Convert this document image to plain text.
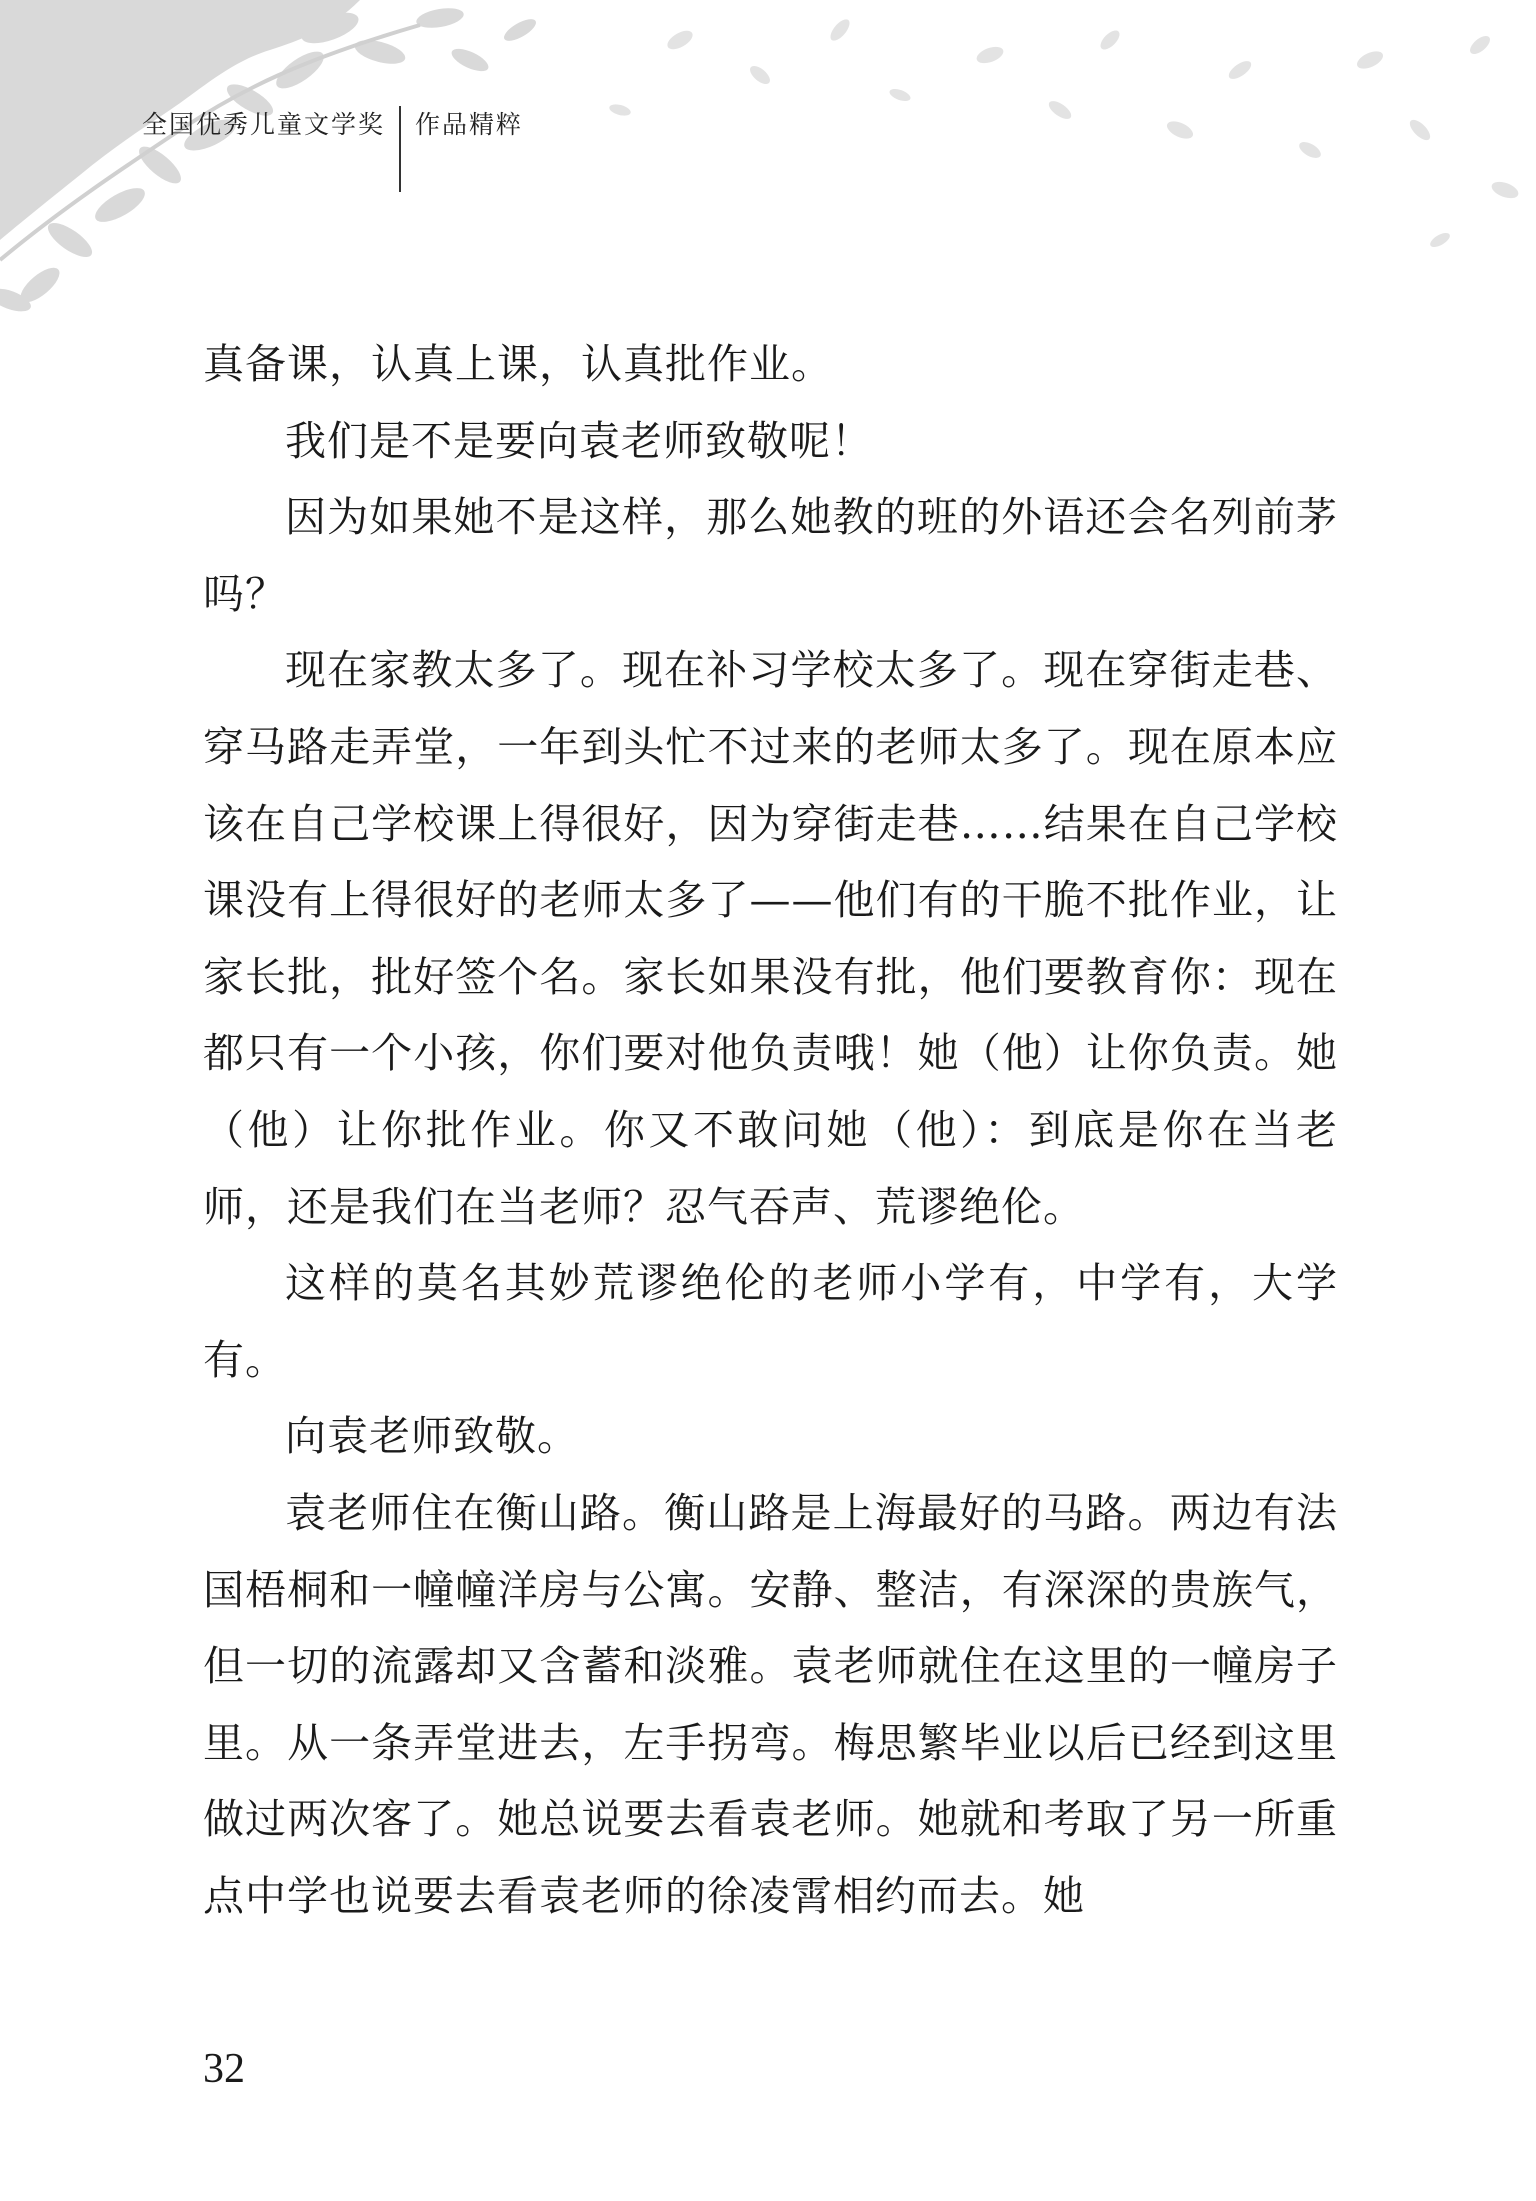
全国优秀儿童文学奖	作品精粹

真备课，认真上课，认真批作业。

我们是不是要向袁老师致敬呢！

因为如果她不是这样，那么她教的班的外语还会名列前茅吗？

现在家教太多了。现在补习学校太多了。现在穿街走巷、穿马路走弄堂，一年到头忙不过来的老师太多了。现在原本应该在自己学校课上得很好，因为穿街走巷……结果在自己学校课没有上得很好的老师太多了——他们有的干脆不批作业，让家长批，批好签个名。家长如果没有批，他们要教育你：现在都只有一个小孩，你们要对他负责哦！她（他）让你负责。她（他）让你批作业。你又不敢问她（他）：到底是你在当老师，还是我们在当老师？忍气吞声、荒谬绝伦。

这样的莫名其妙荒谬绝伦的老师小学有，中学有，大学有。

向袁老师致敬。

袁老师住在衡山路。衡山路是上海最好的马路。两边有法国梧桐和一幢幢洋房与公寓。安静、整洁，有深深的贵族气，但一切的流露却又含蓄和淡雅。袁老师就住在这里的一幢房子里。从一条弄堂进去，左手拐弯。梅思繁毕业以后已经到这里做过两次客了。她总说要去看袁老师。她就和考取了另一所重点中学也说要去看袁老师的徐凌霄相约而去。她

32
